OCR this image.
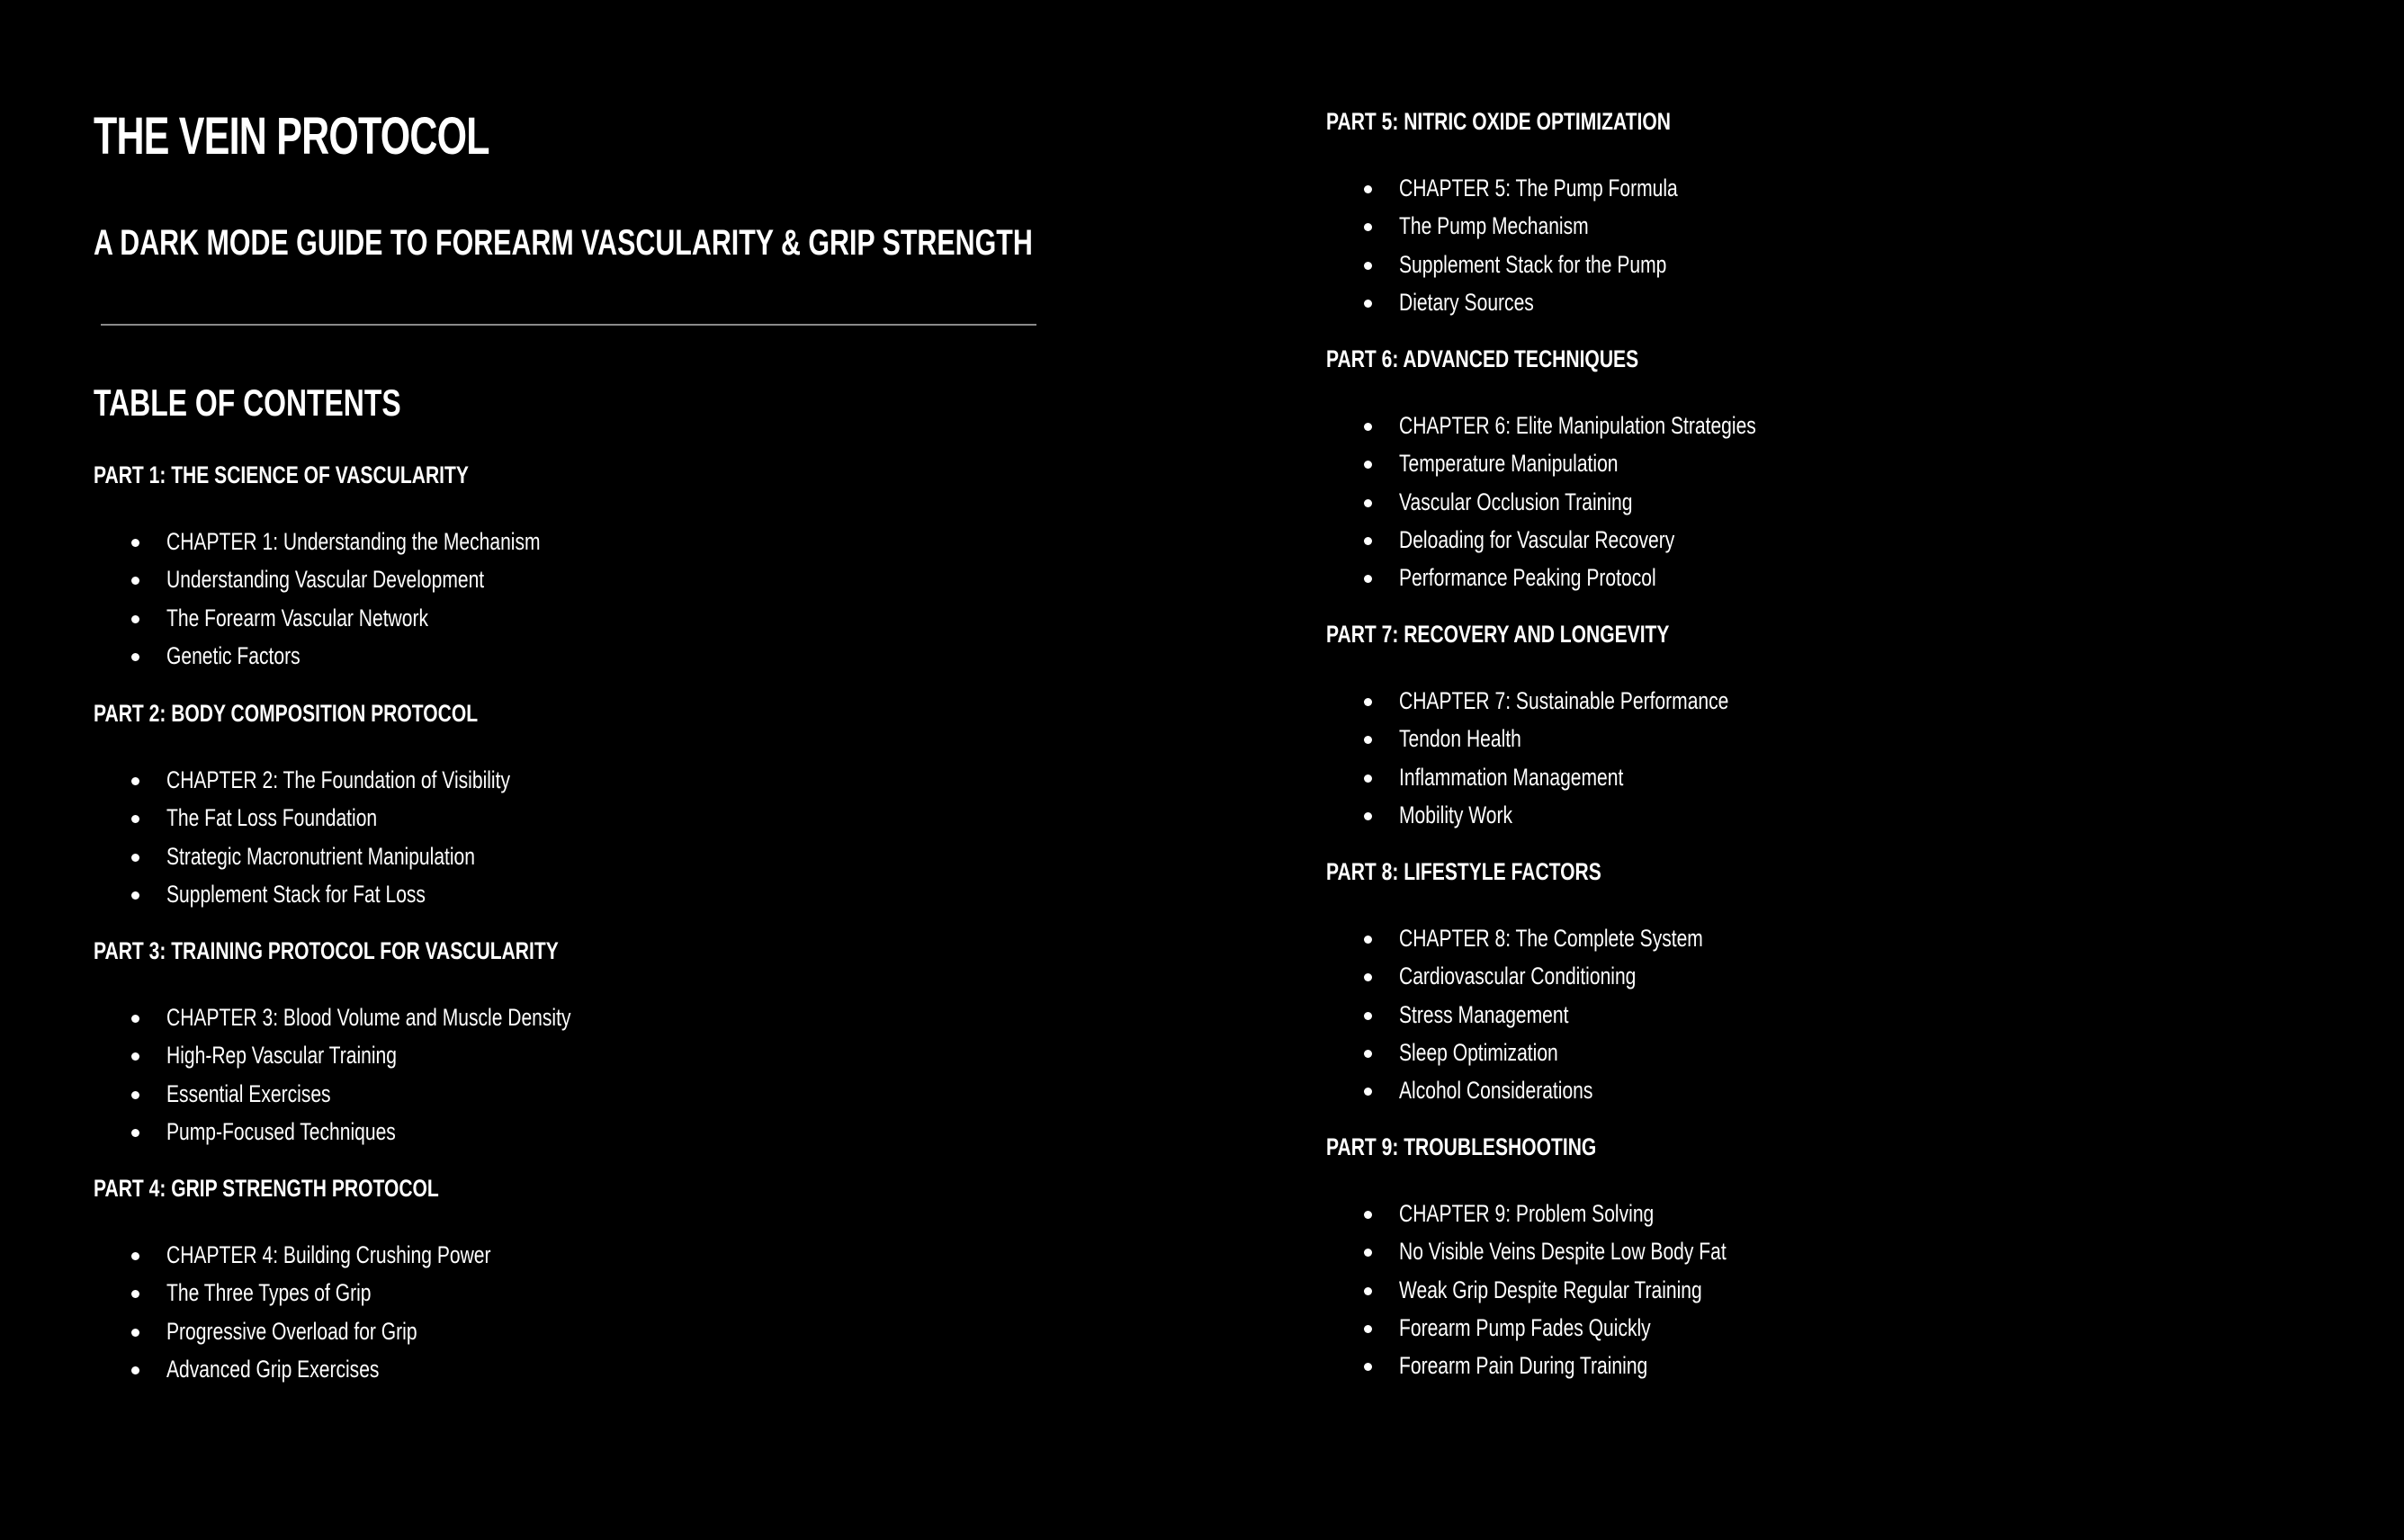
THE VEIN PROTOCOL
A DARK MODE GUIDE TO FOREARM VASCULARITY & GRIP STRENGTH
TABLE OF CONTENTS
PART 1: THE SCIENCE OF VASCULARITY
CHAPTER 1: Understanding the Mechanism
Understanding Vascular Development
The Forearm Vascular Network
Genetic Factors
PART 2: BODY COMPOSITION PROTOCOL
CHAPTER 2: The Foundation of Visibility
The Fat Loss Foundation
Strategic Macronutrient Manipulation
Supplement Stack for Fat Loss
PART 3: TRAINING PROTOCOL FOR VASCULARITY
CHAPTER 3: Blood Volume and Muscle Density
High-Rep Vascular Training
Essential Exercises
Pump-Focused Techniques
PART 4: GRIP STRENGTH PROTOCOL
CHAPTER 4: Building Crushing Power
The Three Types of Grip
Progressive Overload for Grip
Advanced Grip Exercises
PART 5: NITRIC OXIDE OPTIMIZATION
CHAPTER 5: The Pump Formula
The Pump Mechanism
Supplement Stack for the Pump
Dietary Sources
PART 6: ADVANCED TECHNIQUES
CHAPTER 6: Elite Manipulation Strategies
Temperature Manipulation
Vascular Occlusion Training
Deloading for Vascular Recovery
Performance Peaking Protocol
PART 7: RECOVERY AND LONGEVITY
CHAPTER 7: Sustainable Performance
Tendon Health
Inflammation Management
Mobility Work
PART 8: LIFESTYLE FACTORS
CHAPTER 8: The Complete System
Cardiovascular Conditioning
Stress Management
Sleep Optimization
Alcohol Considerations
PART 9: TROUBLESHOOTING
CHAPTER 9: Problem Solving
No Visible Veins Despite Low Body Fat
Weak Grip Despite Regular Training
Forearm Pump Fades Quickly
Forearm Pain During Training
